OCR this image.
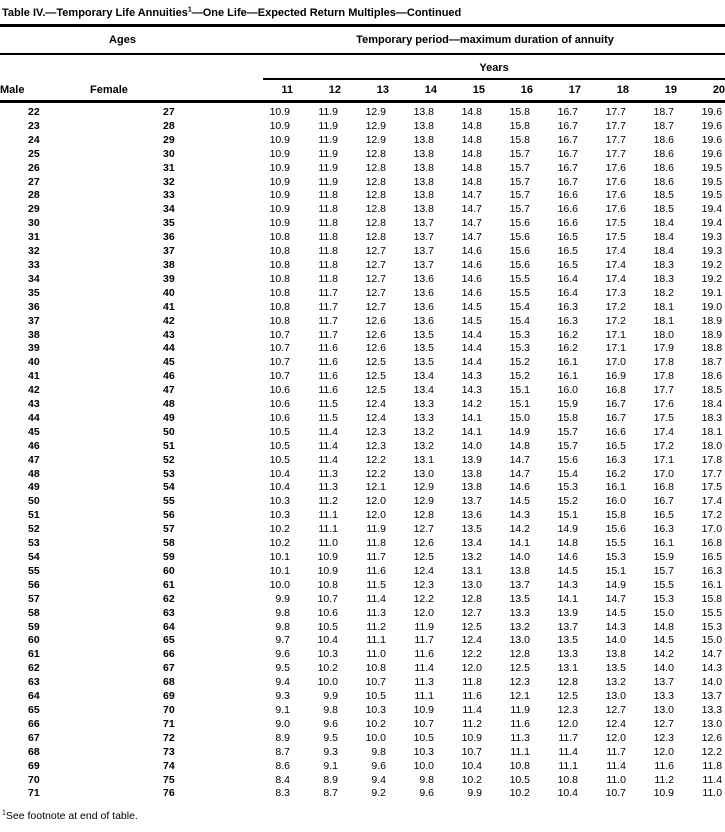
Table IV.—Temporary Life Annuities$^1$—One Life—Expected Return Multiples—Continued
Ages		Temporary period—maximum duration of annuity									

		Years									

Male	Female	11	12	13	14	15	16	17	18	19	20
22	27	10.9	11.9	12.9	13.8	14.8	15.8	16.7	17.7	18.7	19.6
23	28	10.9	11.9	12.9	13.8	14.8	15.8	16.7	17.7	18.7	19.6
24	29	10.9	11.9	12.9	13.8	14.8	15.8	16.7	17.7	18.6	19.6
25	30	10.9	11.9	12.8	13.8	14.8	15.7	16.7	17.7	18.6	19.6
26	31	10.9	11.9	12.8	13.8	14.8	15.7	16.7	17.6	18.6	19.5
27	32	10.9	11.9	12.8	13.8	14.8	15.7	16.7	17.6	18.6	19.5
28	33	10.9	11.8	12.8	13.8	14.7	15.7	16.6	17.6	18.5	19.5
29	34	10.9	11.8	12.8	13.8	14.7	15.7	16.6	17.6	18.5	19.4
30	35	10.9	11.8	12.8	13.7	14.7	15.6	16.6	17.5	18.4	19.4
31	36	10.8	11.8	12.8	13.7	14.7	15.6	16.5	17.5	18.4	19.3
32	37	10.8	11.8	12.7	13.7	14.6	15.6	16.5	17.4	18.4	19.3
33	38	10.8	11.8	12.7	13.7	14.6	15.6	16.5	17.4	18.3	19.2
34	39	10.8	11.8	12.7	13.6	14.6	15.5	16.4	17.4	18.3	19.2
35	40	10.8	11.7	12.7	13.6	14.6	15.5	16.4	17.3	18.2	19.1
36	41	10.8	11.7	12.7	13.6	14.5	15.4	16.3	17.2	18.1	19.0
37	42	10.8	11.7	12.6	13.6	14.5	15.4	16.3	17.2	18.1	18.9
38	43	10.7	11.7	12.6	13.5	14.4	15.3	16.2	17.1	18.0	18.9
39	44	10.7	11.6	12.6	13.5	14.4	15.3	16.2	17.1	17.9	18.8
40	45	10.7	11.6	12.5	13.5	14.4	15.2	16.1	17.0	17.8	18.7
41	46	10.7	11.6	12.5	13.4	14.3	15.2	16.1	16.9	17.8	18.6
42	47	10.6	11.6	12.5	13.4	14.3	15.1	16.0	16.8	17.7	18.5
43	48	10.6	11.5	12.4	13.3	14.2	15.1	15.9	16.7	17.6	18.4
44	49	10.6	11.5	12.4	13.3	14.1	15.0	15.8	16.7	17.5	18.3
45	50	10.5	11.4	12.3	13.2	14.1	14.9	15.7	16.6	17.4	18.1
46	51	10.5	11.4	12.3	13.2	14.0	14.8	15.7	16.5	17.2	18.0
47	52	10.5	11.4	12.2	13.1	13.9	14.7	15.6	16.3	17.1	17.8
48	53	10.4	11.3	12.2	13.0	13.8	14.7	15.4	16.2	17.0	17.7
49	54	10.4	11.3	12.1	12.9	13.8	14.6	15.3	16.1	16.8	17.5
50	55	10.3	11.2	12.0	12.9	13.7	14.5	15.2	16.0	16.7	17.4
51	56	10.3	11.1	12.0	12.8	13.6	14.3	15.1	15.8	16.5	17.2
52	57	10.2	11.1	11.9	12.7	13.5	14.2	14.9	15.6	16.3	17.0
53	58	10.2	11.0	11.8	12.6	13.4	14.1	14.8	15.5	16.1	16.8
54	59	10.1	10.9	11.7	12.5	13.2	14.0	14.6	15.3	15.9	16.5
55	60	10.1	10.9	11.6	12.4	13.1	13.8	14.5	15.1	15.7	16.3
56	61	10.0	10.8	11.5	12.3	13.0	13.7	14.3	14.9	15.5	16.1
57	62	9.9	10.7	11.4	12.2	12.8	13.5	14.1	14.7	15.3	15.8
58	63	9.8	10.6	11.3	12.0	12.7	13.3	13.9	14.5	15.0	15.5
59	64	9.8	10.5	11.2	11.9	12.5	13.2	13.7	14.3	14.8	15.3
60	65	9.7	10.4	11.1	11.7	12.4	13.0	13.5	14.0	14.5	15.0
61	66	9.6	10.3	11.0	11.6	12.2	12.8	13.3	13.8	14.2	14.7
62	67	9.5	10.2	10.8	11.4	12.0	12.5	13.1	13.5	14.0	14.3
63	68	9.4	10.0	10.7	11.3	11.8	12.3	12.8	13.2	13.7	14.0
64	69	9.3	9.9	10.5	11.1	11.6	12.1	12.5	13.0	13.3	13.7
65	70	9.1	9.8	10.3	10.9	11.4	11.9	12.3	12.7	13.0	13.3
66	71	9.0	9.6	10.2	10.7	11.2	11.6	12.0	12.4	12.7	13.0
67	72	8.9	9.5	10.0	10.5	10.9	11.3	11.7	12.0	12.3	12.6
68	73	8.7	9.3	9.8	10.3	10.7	11.1	11.4	11.7	12.0	12.2
69	74	8.6	9.1	9.6	10.0	10.4	10.8	11.1	11.4	11.6	11.8
70	75	8.4	8.9	9.4	9.8	10.2	10.5	10.8	11.0	11.2	11.4
71	76	8.3	8.7	9.2	9.6	9.9	10.2	10.4	10.7	10.9	11.0
$^1$See footnote at end of table.
